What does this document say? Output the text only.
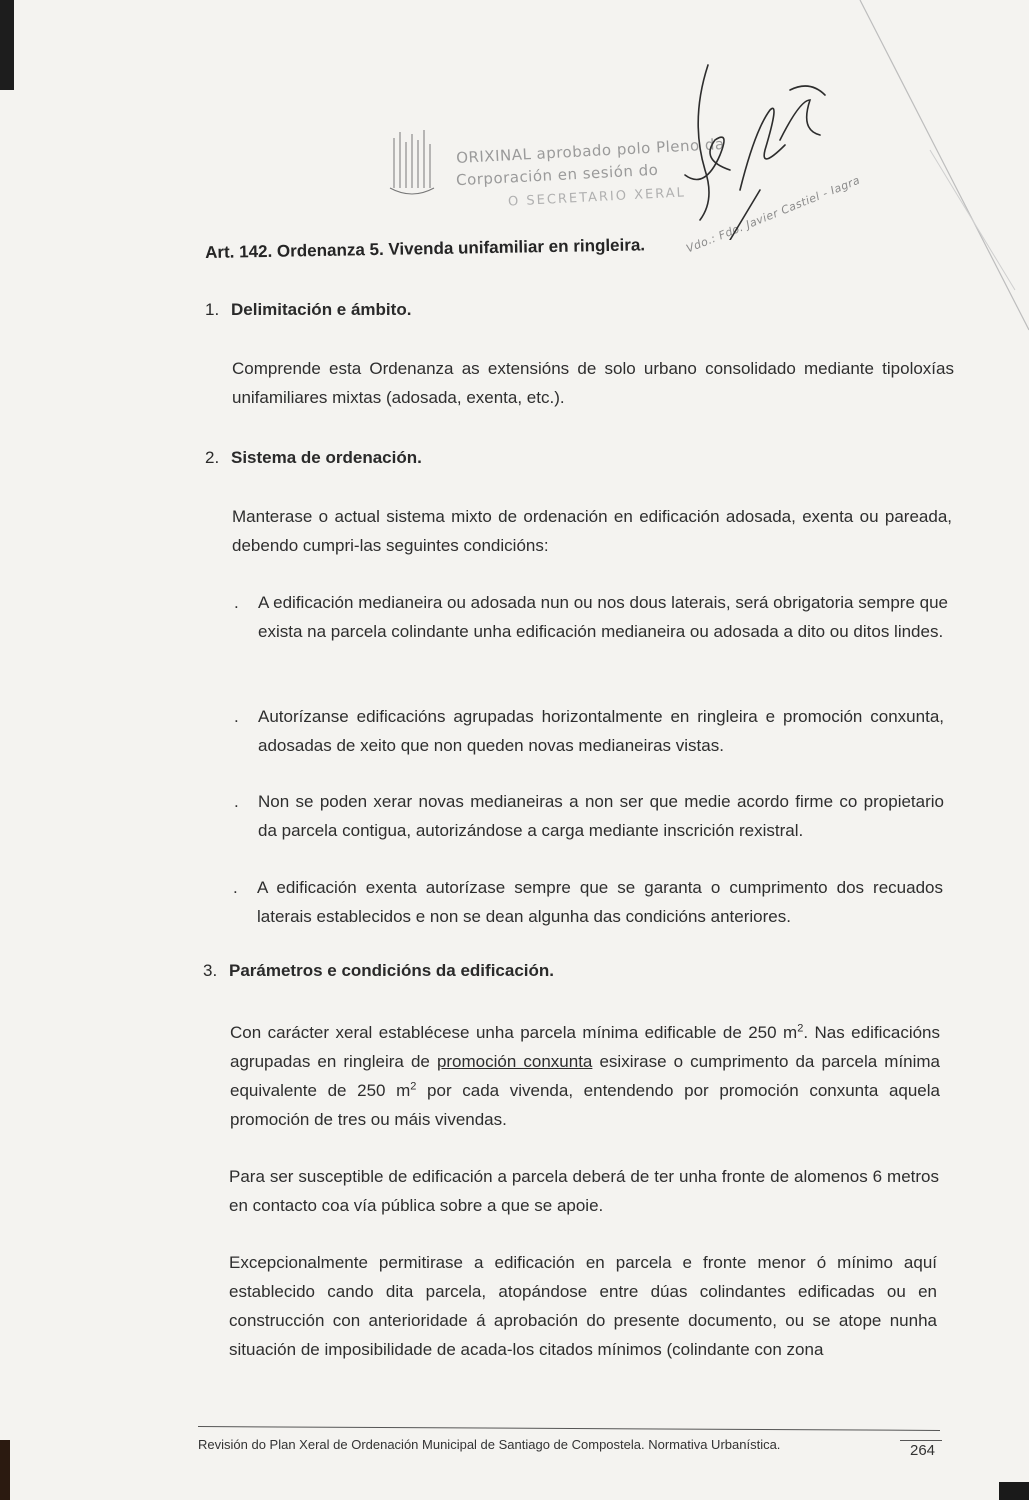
ORIXINAL aprobado polo Pleno da
Corporación en sesión do
O SECRETARIO XERAL
Vdo.: Fdo. Javier Castiel - Iagra
Art. 142. Ordenanza 5. Vivenda unifamiliar en ringleira.
1. Delimitación e ámbito.
Comprende esta Ordenanza as extensións de solo urbano consolidado mediante tipoloxías unifamiliares mixtas (adosada, exenta, etc.).
2. Sistema de ordenación.
Manterase o actual sistema mixto de ordenación en edificación adosada, exenta ou pareada, debendo cumpri-las seguintes condicións:
. A edificación medianeira ou adosada nun ou nos dous laterais, será obrigatoria sempre que exista na parcela colindante unha edificación medianeira ou adosada a dito ou ditos lindes.
. Autorízanse edificacións agrupadas horizontalmente en ringleira e promoción conxunta, adosadas de xeito que non queden novas medianeiras vistas.
. Non se poden xerar novas medianeiras a non ser que medie acordo firme co propietario da parcela contigua, autorizándose a carga mediante inscrición rexistral.
. A edificación exenta autorízase sempre que se garanta o cumprimento dos recuados laterais establecidos e non se dean algunha das condicións anteriores.
3. Parámetros e condicións da edificación.
Con carácter xeral establécese unha parcela mínima edificable de 250 $m^2$. Nas edificacións agrupadas en ringleira de promoción conxunta esixirase o cumprimento da parcela mínima equivalente de 250 $m^2$ por cada vivenda, entendendo por promoción conxunta aquela promoción de tres ou máis vivendas.
Para ser susceptible de edificación a parcela deberá de ter unha fronte de alomenos 6 metros en contacto coa vía pública sobre a que se apoie.
Excepcionalmente permitirase a edificación en parcela e fronte menor ó mínimo aquí establecido cando dita parcela, atopándose entre dúas colindantes edificadas ou en construcción con anterioridade á aprobación do presente documento, ou se atope nunha situación de imposibilidade de acada-los citados mínimos (colindante con zona
Revisión do Plan Xeral de Ordenación Municipal de Santiago de Compostela. Normativa Urbanística.	264
